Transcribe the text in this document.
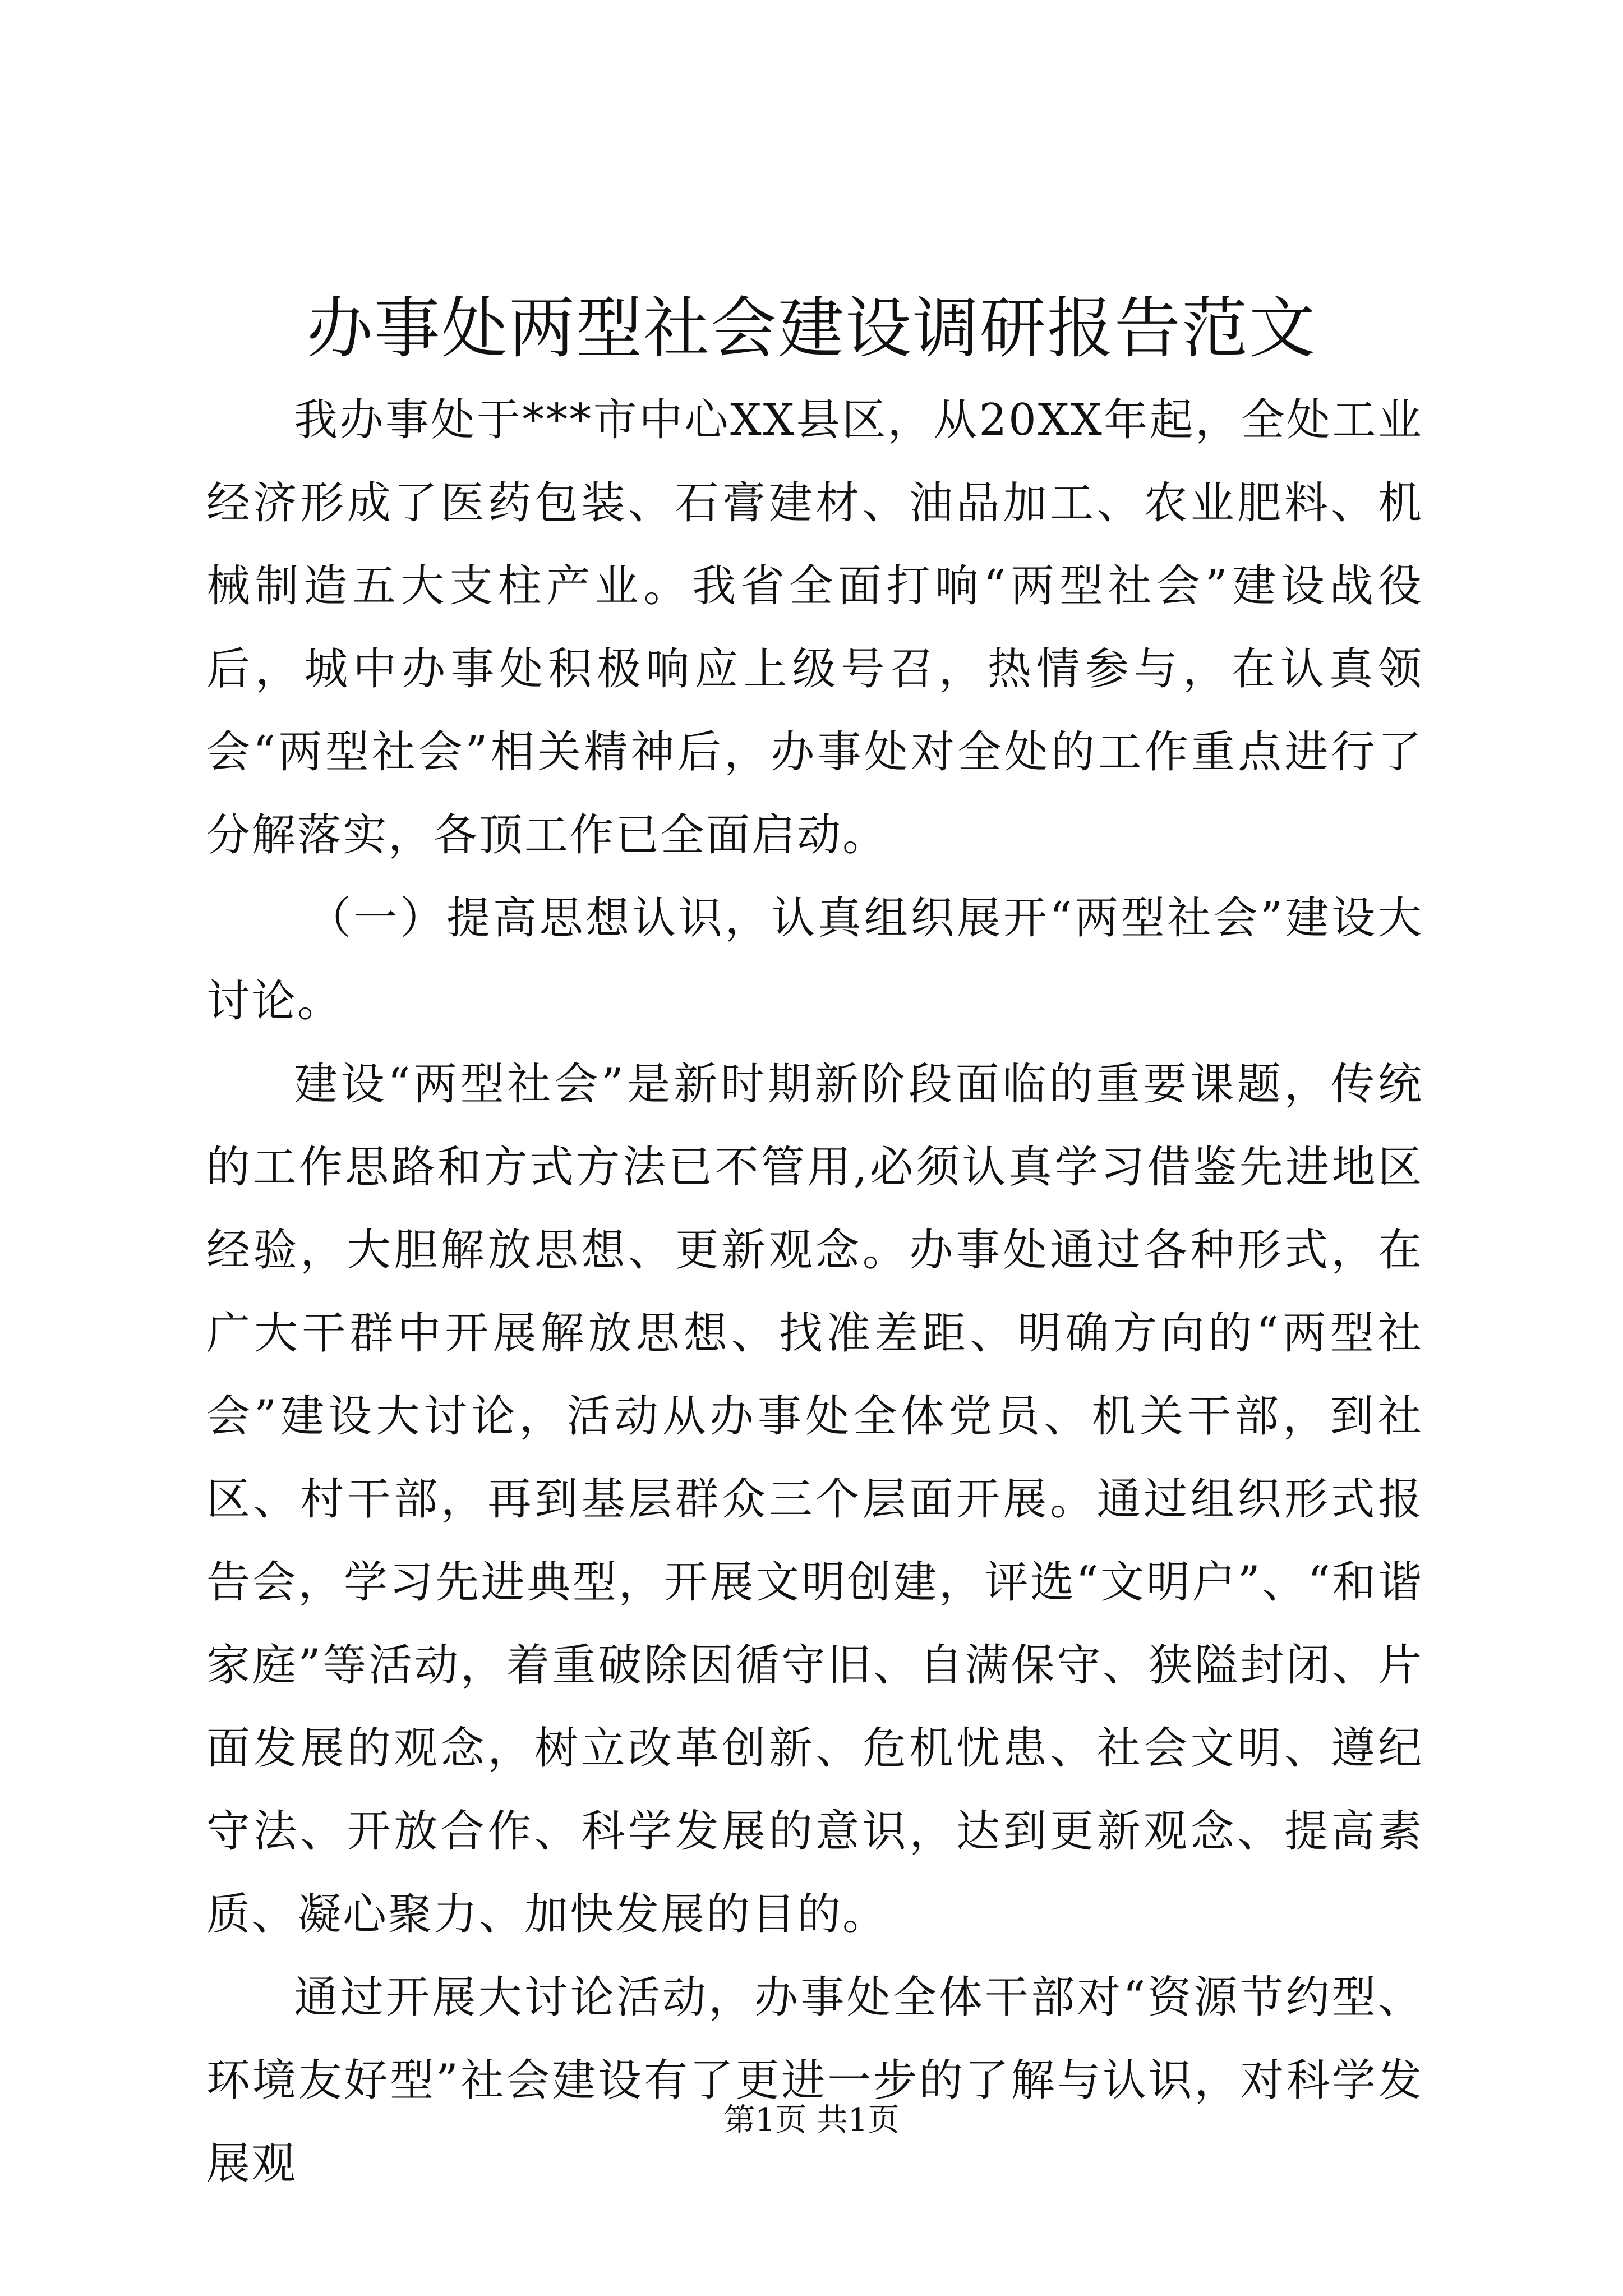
办事处两型社会建设调研报告范文

我办事处于***市中心XX县区，从20XX年起，全处工业经济形成了医药包装、石膏建材、油品加工、农业肥料、机械制造五大支柱产业。我省全面打响“两型社会”建设战役后，城中办事处积极响应上级号召，热情参与，在认真领会“两型社会”相关精神后，办事处对全处的工作重点进行了分解落实，各顶工作已全面启动。

（一）提高思想认识，认真组织展开“两型社会”建设大讨论。

建设“两型社会”是新时期新阶段面临的重要课题，传统的工作思路和方式方法已不管用,必须认真学习借鉴先进地区经验，大胆解放思想、更新观念。办事处通过各种形式，在广大干群中开展解放思想、找准差距、明确方向的“两型社会”建设大讨论，活动从办事处全体党员、机关干部，到社区、村干部，再到基层群众三个层面开展。通过组织形式报告会，学习先进典型，开展文明创建，评选“文明户”、“和谐家庭”等活动，着重破除因循守旧、自满保守、狭隘封闭、片面发展的观念，树立改革创新、危机忧患、社会文明、遵纪守法、开放合作、科学发展的意识，达到更新观念、提高素质、凝心聚力、加快发展的目的。

通过开展大讨论活动，办事处全体干部对“资源节约型、环境友好型”社会建设有了更进一步的了解与认识，对科学发展观

第1页 共1页
